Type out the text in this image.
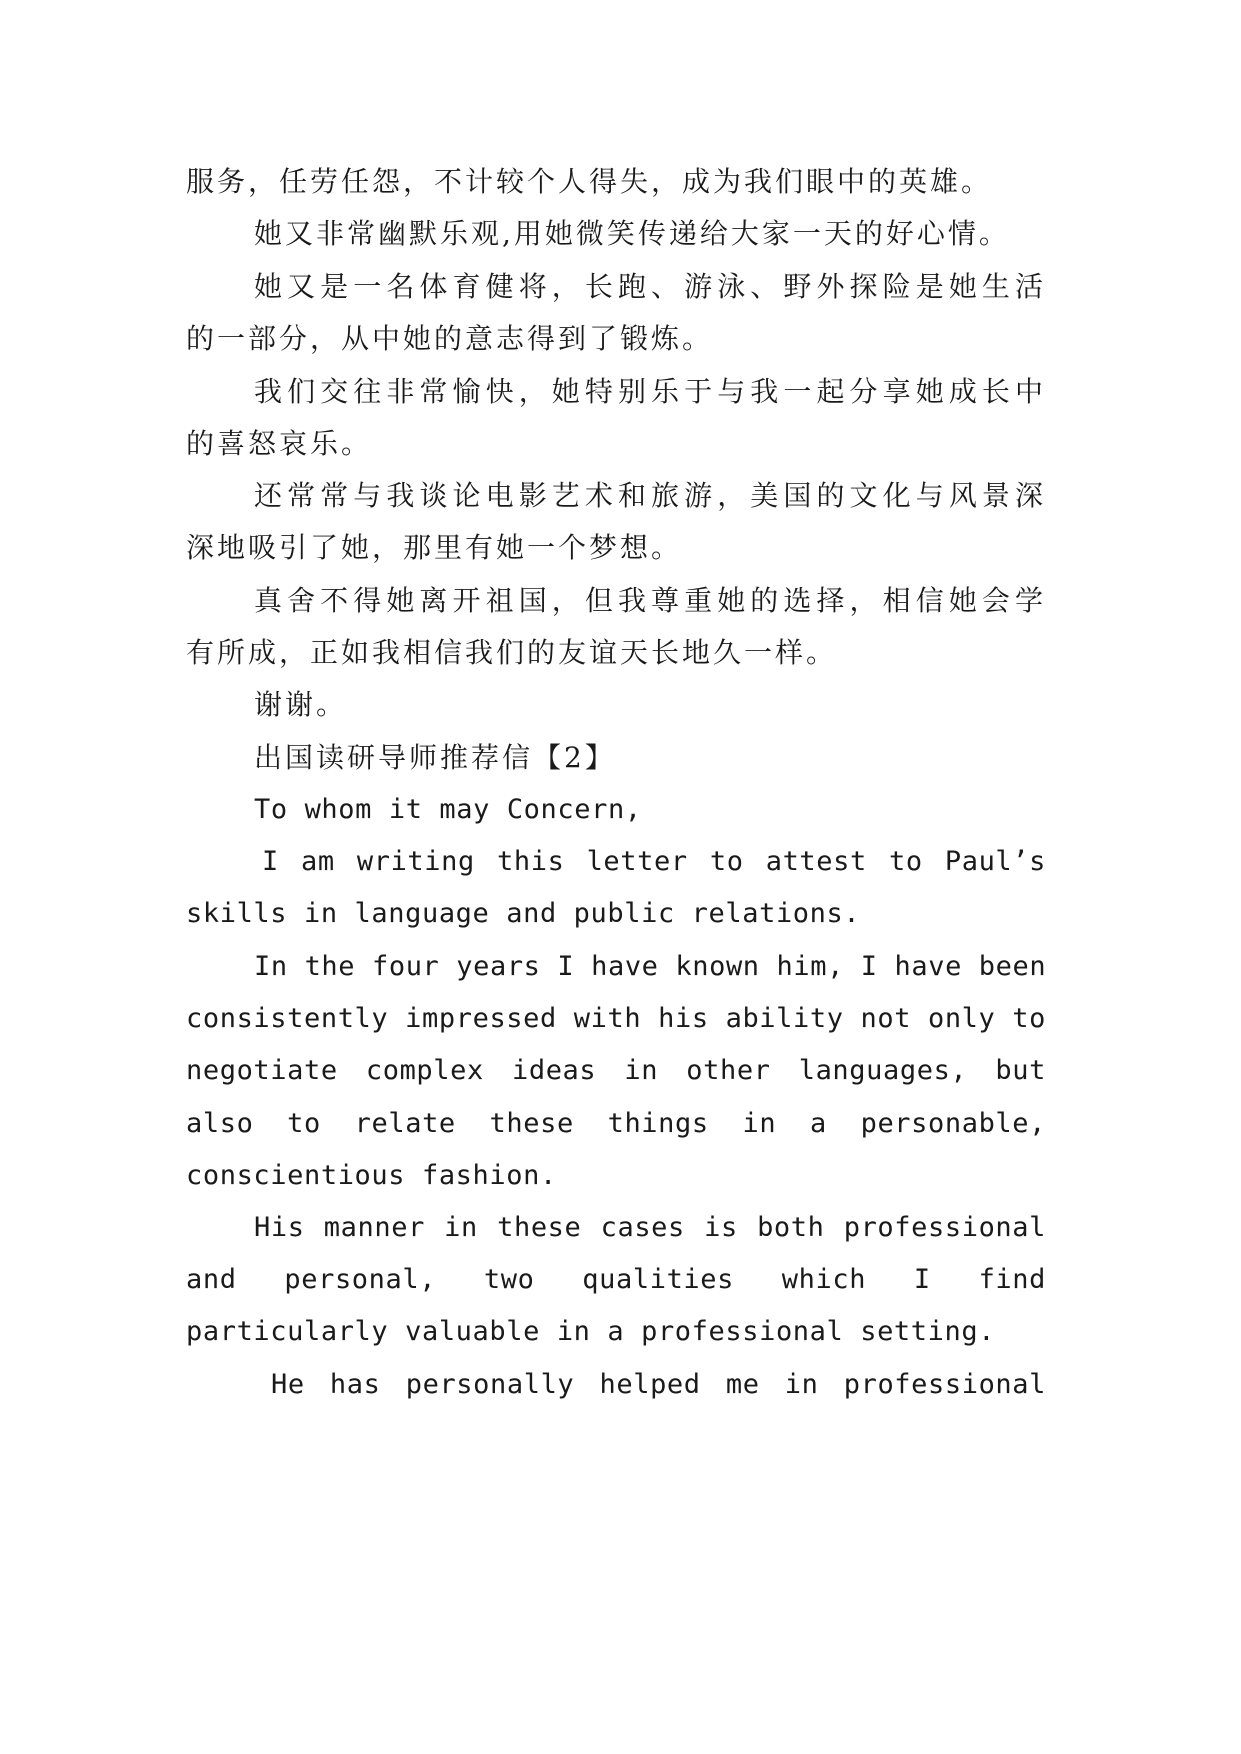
服务，任劳任怨，不计较个人得失，成为我们眼中的英雄。
她又非常幽默乐观,用她微笑传递给大家一天的好心情。
她又是一名体育健将，长跑、游泳、野外探险是她生活
的一部分，从中她的意志得到了锻炼。
我们交往非常愉快，她特别乐于与我一起分享她成长中
的喜怒哀乐。
还常常与我谈论电影艺术和旅游，美国的文化与风景深
深地吸引了她，那里有她一个梦想。
真舍不得她离开祖国，但我尊重她的选择，相信她会学
有所成，正如我相信我们的友谊天长地久一样。
谢谢。
出国读研导师推荐信【2】
To whom it may Concern,
I am writing this letter to attest to Paul’s
skills in language and public relations.
In the four years I have known him, I have been
consistently impressed with his ability not only to
negotiate complex ideas in other languages, but
also to relate these things in a personable,
conscientious fashion.
His manner in these cases is both professional
and personal, two qualities which I find
particularly valuable in a professional setting.
He has personally helped me in professional
